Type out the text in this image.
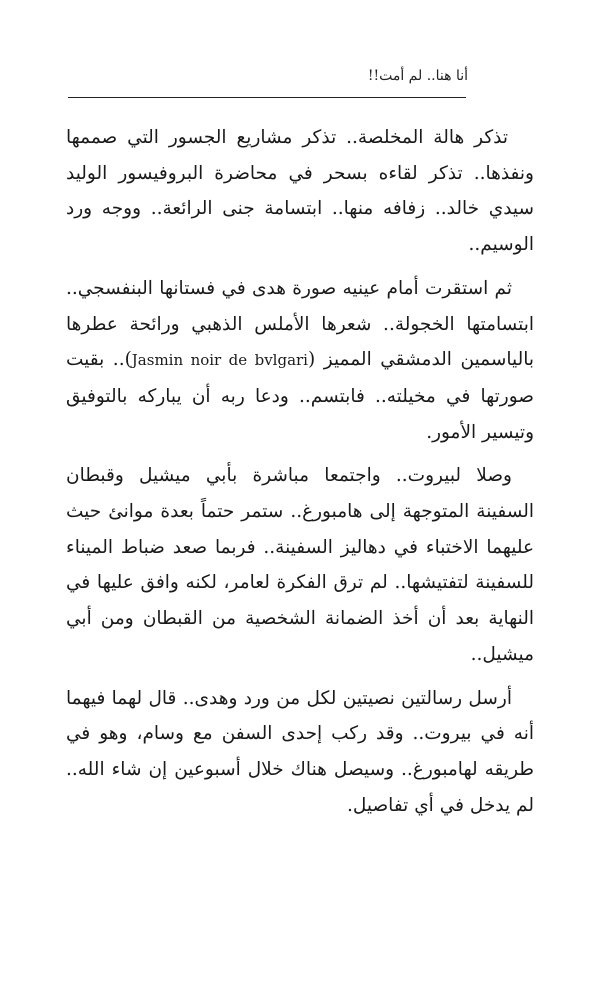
أنا هنا.. لم أمت!!

تذكر هالة المخلصة.. تذكر مشاريع الجسور التي صممها ونفذها.. تذكر لقاءه بسحر في محاضرة البروفيسور الوليد سيدي خالد.. زفافه منها.. ابتسامة جنى الرائعة.. ووجه ورد الوسيم..

ثم استقرت أمام عينيه صورة هدى في فستانها البنفسجي.. ابتسامتها الخجولة.. شعرها الأملس الذهبي ورائحة عطرها بالياسمين الدمشقي المميز (Jasmin noir de bvlgari).. بقيت صورتها في مخيلته.. فابتسم.. ودعا ربه أن يباركه بالتوفيق وتيسير الأمور.

وصلا لبيروت.. واجتمعا مباشرة بأبي ميشيل وقبطان السفينة المتوجهة إلى هامبورغ.. ستمر حتماً بعدة موانئ حيث عليهما الاختباء في دهاليز السفينة.. فربما صعد ضباط الميناء للسفينة لتفتيشها.. لم ترق الفكرة لعامر، لكنه وافق عليها في النهاية بعد أن أخذ الضمانة الشخصية من القبطان ومن أبي ميشيل..

أرسل رسالتين نصيتين لكل من ورد وهدى.. قال لهما فيهما أنه في بيروت.. وقد ركب إحدى السفن مع وسام، وهو في طريقه لهامبورغ.. وسيصل هناك خلال أسبوعين إن شاء الله.. لم يدخل في أي تفاصيل.
